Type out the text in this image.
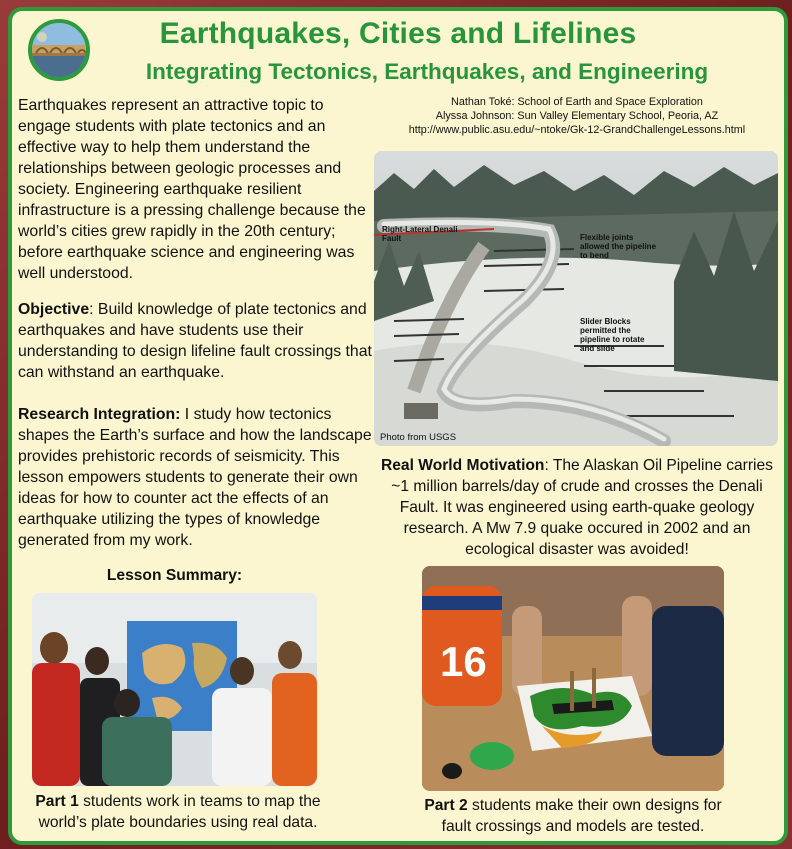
Earthquakes, Cities and Lifelines
Integrating Tectonics, Earthquakes, and Engineering
Earthquakes represent an attractive topic to engage students with plate tectonics and an effective way to help them understand the relationships between geologic processes and society. Engineering earthquake resilient infrastructure is a pressing challenge because the world’s cities grew rapidly in the 20th century; before earthquake science and engineering was well understood.
Objective: Build knowledge of plate tectonics and earthquakes and have students use their understanding to design lifeline fault crossings that can withstand an earthquake.
Research Integration: I study how tectonics shapes the Earth’s surface and how the landscape provides prehistoric records of seismicity. This lesson empowers students to generate their own ideas for how to counter act the effects of an earthquake utilizing the types of knowledge generated from my work.
Nathan Toké: School of Earth and Space Exploration
Alyssa Johnson: Sun Valley Elementary School, Peoria, AZ
http://www.public.asu.edu/~ntoke/Gk-12-GrandChallengeLessons.html
Right-Lateral Denali Fault	Flexible joints allowed the pipeline to bend
Slider Blocks permitted the pipeline to rotate and slide
Photo from USGS
Real World Motivation: The Alaskan Oil Pipeline carries ~1 million barrels/day of crude and crosses the Denali Fault. It was engineered using earth-quake geology research. A Mw 7.9 quake occured in 2002 and an ecological disaster was avoided!
Lesson Summary:
Part 1 students work in teams to map the world’s plate boundaries using real data.
16
Part 2 students make their own designs for fault crossings and models are tested.
